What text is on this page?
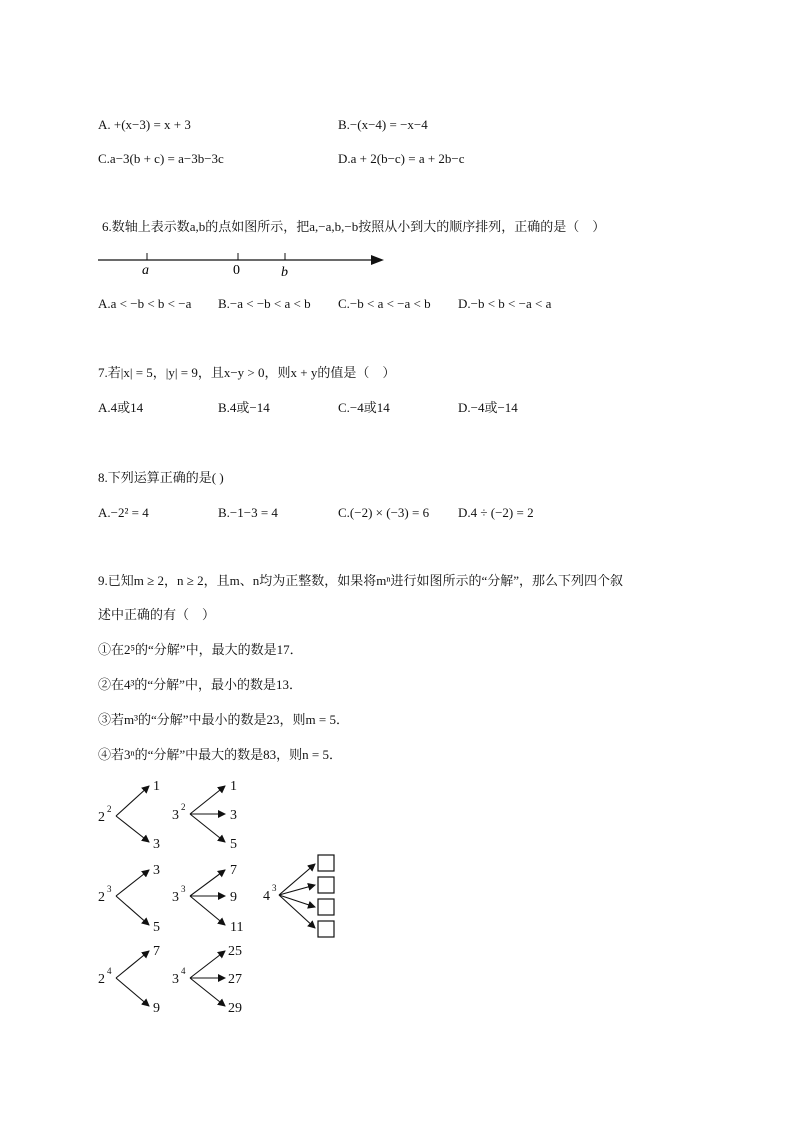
A. +(x−3) = x + 3	B.−(x−4) = −x−4
C.a−3(b + c) = a−3b−3c	D.a + 2(b−c) = a + 2b−c
6.数轴上表示数a,b的点如图所示，把a,−a,b,−b按照从小到大的顺序排列，正确的是（　）
a	0	b
A.a < −b < b < −a B.−a < −b < a < b C.−b < a < −a < b D.−b < b < −a < a
7.若|x| = 5，|y| = 9，且x−y > 0，则x + y的值是（　）
A.4或14	B.4或−14	C.−4或14	D.−4或−14
8.下列运算正确的是( )
A.−2² = 4	B.−1−3 = 4	C.(−2) × (−3) = 6 D.4 ÷ (−2) = 2
9.已知m ≥ 2，n ≥ 2，且m、n均为正整数，如果将mⁿ进行如图所示的“分解”，那么下列四个叙
述中正确的有（　）
①在2⁵的“分解”中，最大的数是17．
②在4³的“分解”中，最小的数是13．
③若m³的“分解”中最小的数是23，则m = 5．
④若3ⁿ的“分解”中最大的数是83，则n = 5．
2
2	3
2
1
3
1
3
5
2
3
3
3	4
3
3
5
7
9
11
2
4
3
4
7
9
25
27
29
